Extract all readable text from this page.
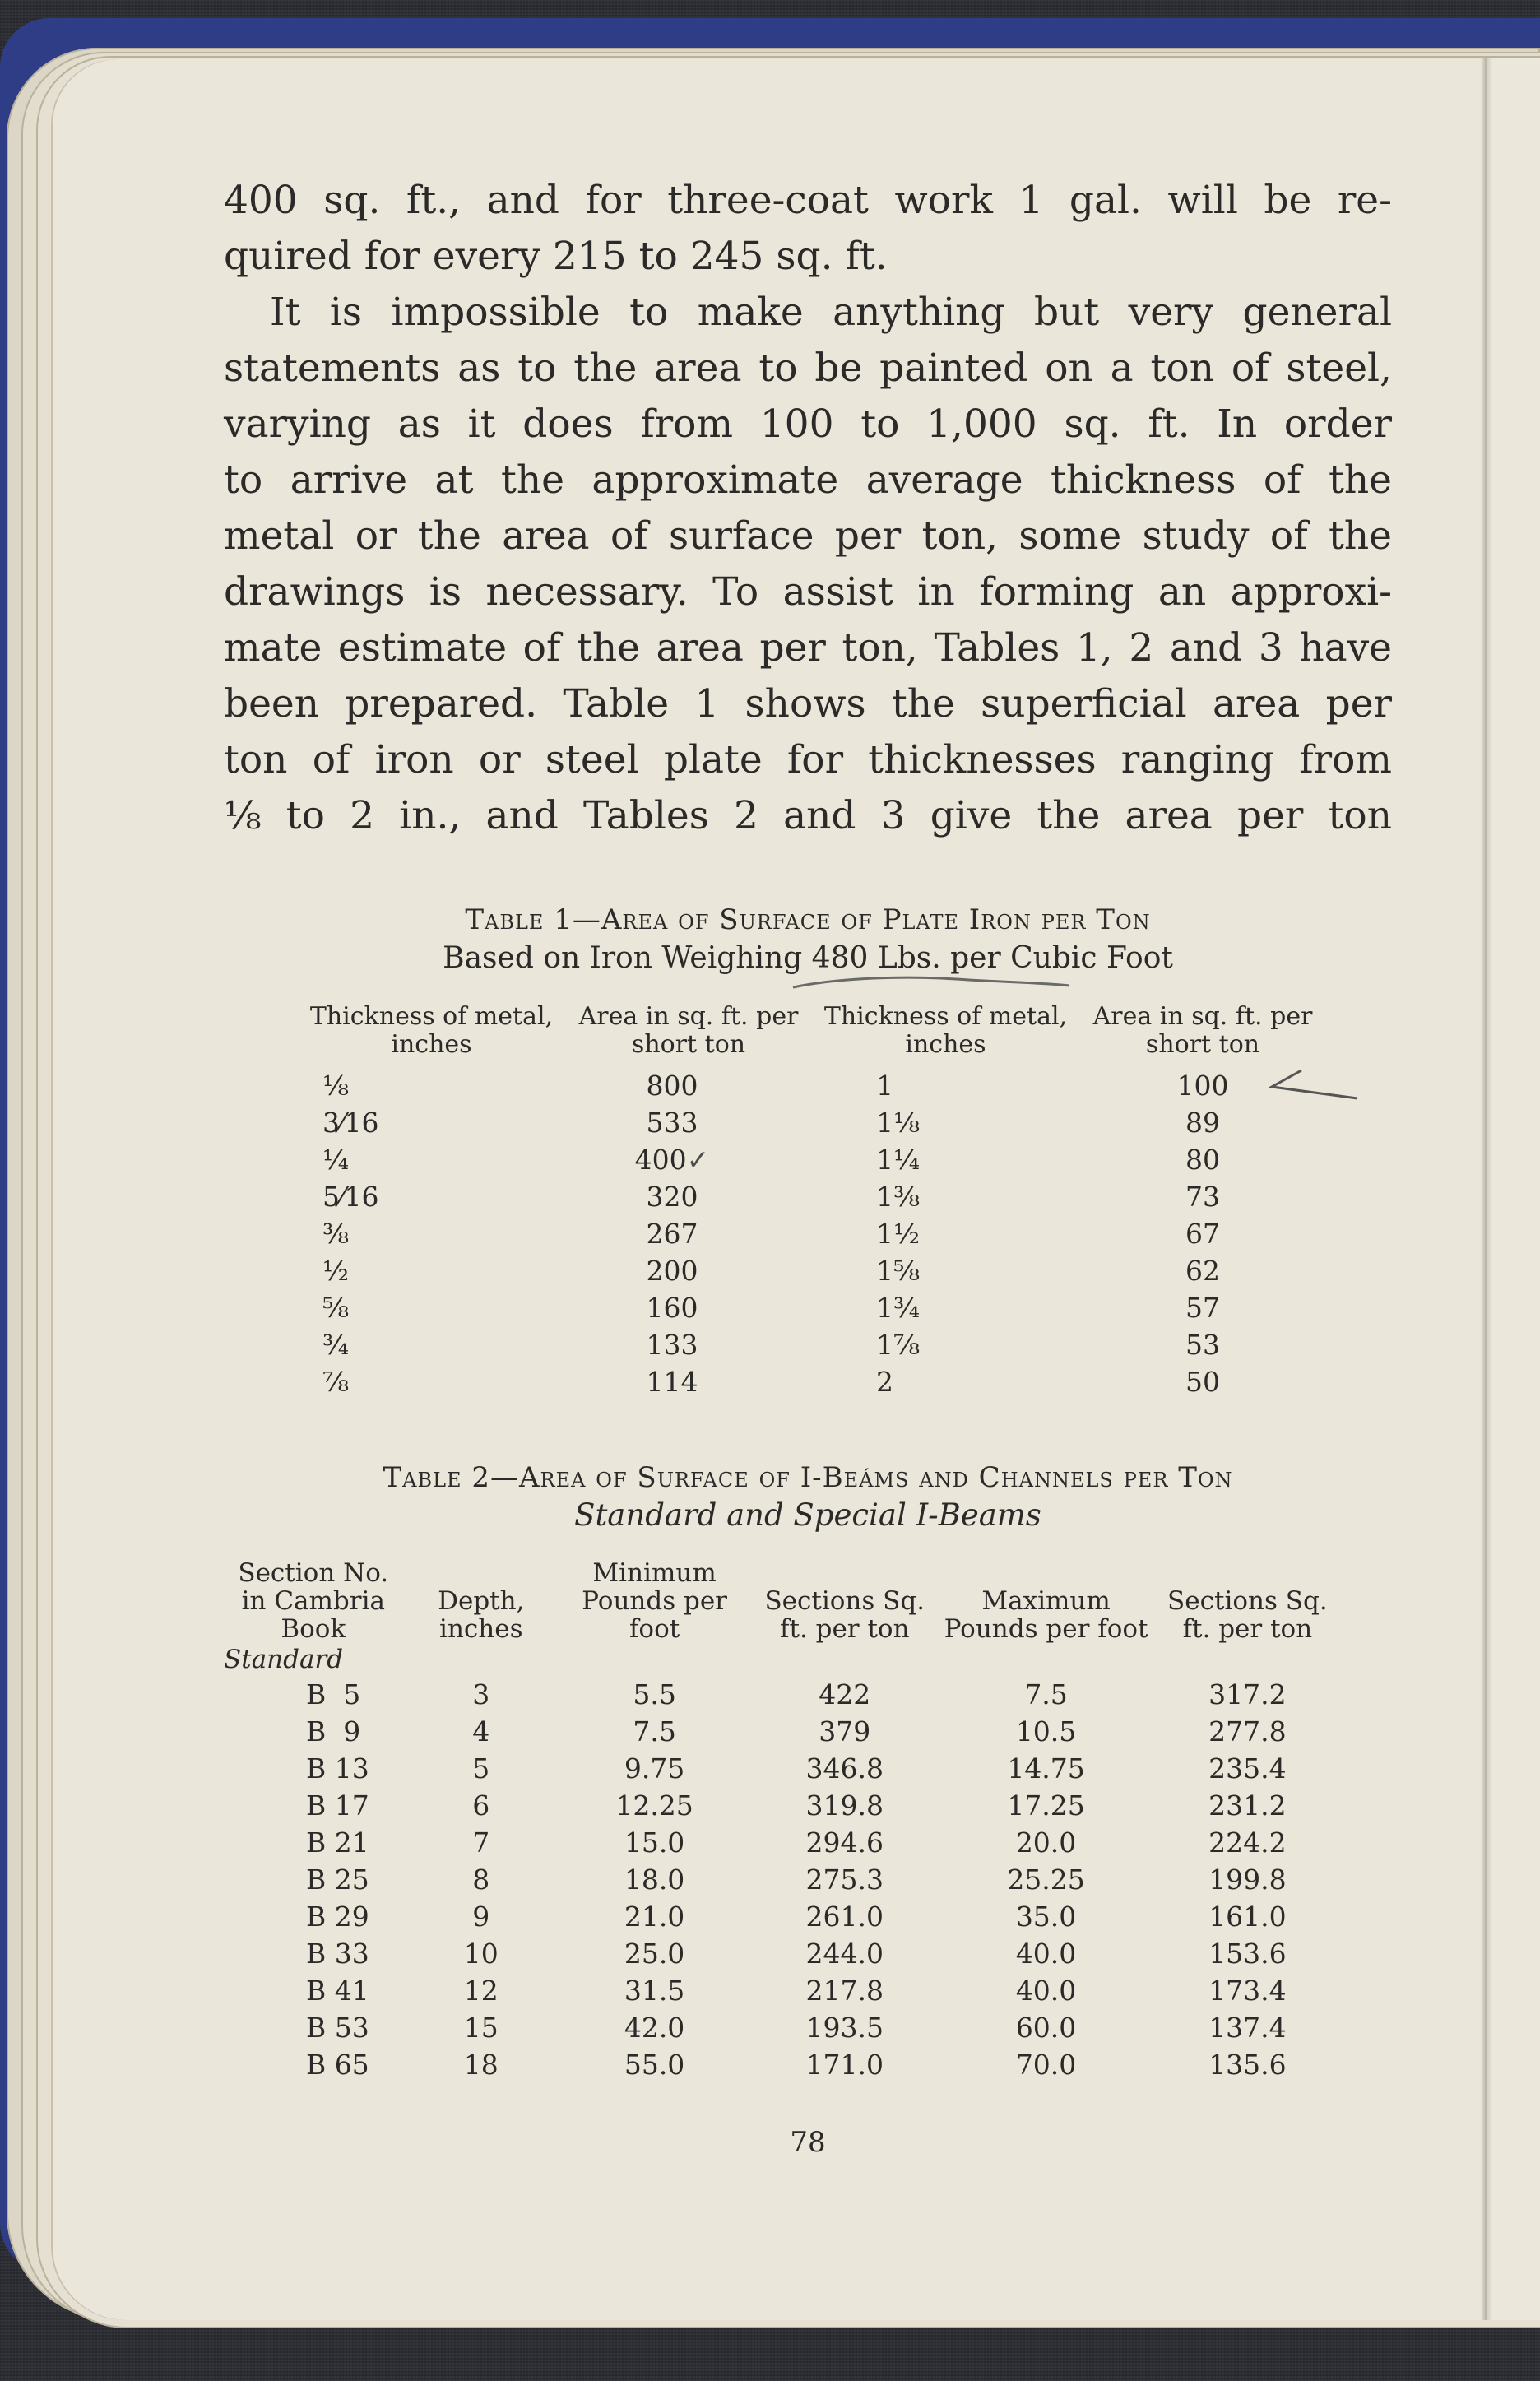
400 sq. ft., and for three-coat work 1 gal. will be re-
quired for every 215 to 245 sq. ft.

It is impossible to make anything but very general
statements as to the area to be painted on a ton of steel,
varying as it does from 100 to 1,000 sq. ft. In order
to arrive at the approximate average thickness of the
metal or the area of surface per ton, some study of the
drawings is necessary. To assist in forming an approxi-
mate estimate of the area per ton, Tables 1, 2 and 3 have
been prepared. Table 1 shows the superficial area per
ton of iron or steel plate for thicknesses ranging from
⅛ to 2 in., and Tables 2 and 3 give the area per ton

Table 1—Area of Surface of Plate Iron per Ton
Based on Iron Weighing 480 Lbs. per Cubic Foot
Thickness of metal, inches	Area in sq. ft. per short ton	Thickness of metal, inches	Area in sq. ft. per short ton
⅛	800	1	100

3⁄16	533	1⅛	89
¼	400✓	1¼	80
5⁄16	320	1⅜	73
⅜	267	1½	67
½	200	1⅝	62
⅝	160	1¾	57
¾	133	1⅞	53
⅞	114	2	50
Table 2—Area of Surface of I-Beáms and Channels per Ton
Standard and Special I-Beams
Section No. in Cambria Book	Depth, inches	Minimum Pounds per foot	Sections Sq. ft. per ton	Maximum Pounds per foot	Sections Sq. ft. per ton
Standard					
B  5	3	5.5	422	7.5	317.2
B  9	4	7.5	379	10.5	277.8
B 13	5	9.75	346.8	14.75	235.4
B 17	6	12.25	319.8	17.25	231.2
B 21	7	15.0	294.6	20.0	224.2
B 25	8	18.0	275.3	25.25	199.8
B 29	9	21.0	261.0	35.0	161.0
B 33	10	25.0	244.0	40.0	153.6
B 41	12	31.5	217.8	40.0	173.4
B 53	15	42.0	193.5	60.0	137.4
B 65	18	55.0	171.0	70.0	135.6
78
